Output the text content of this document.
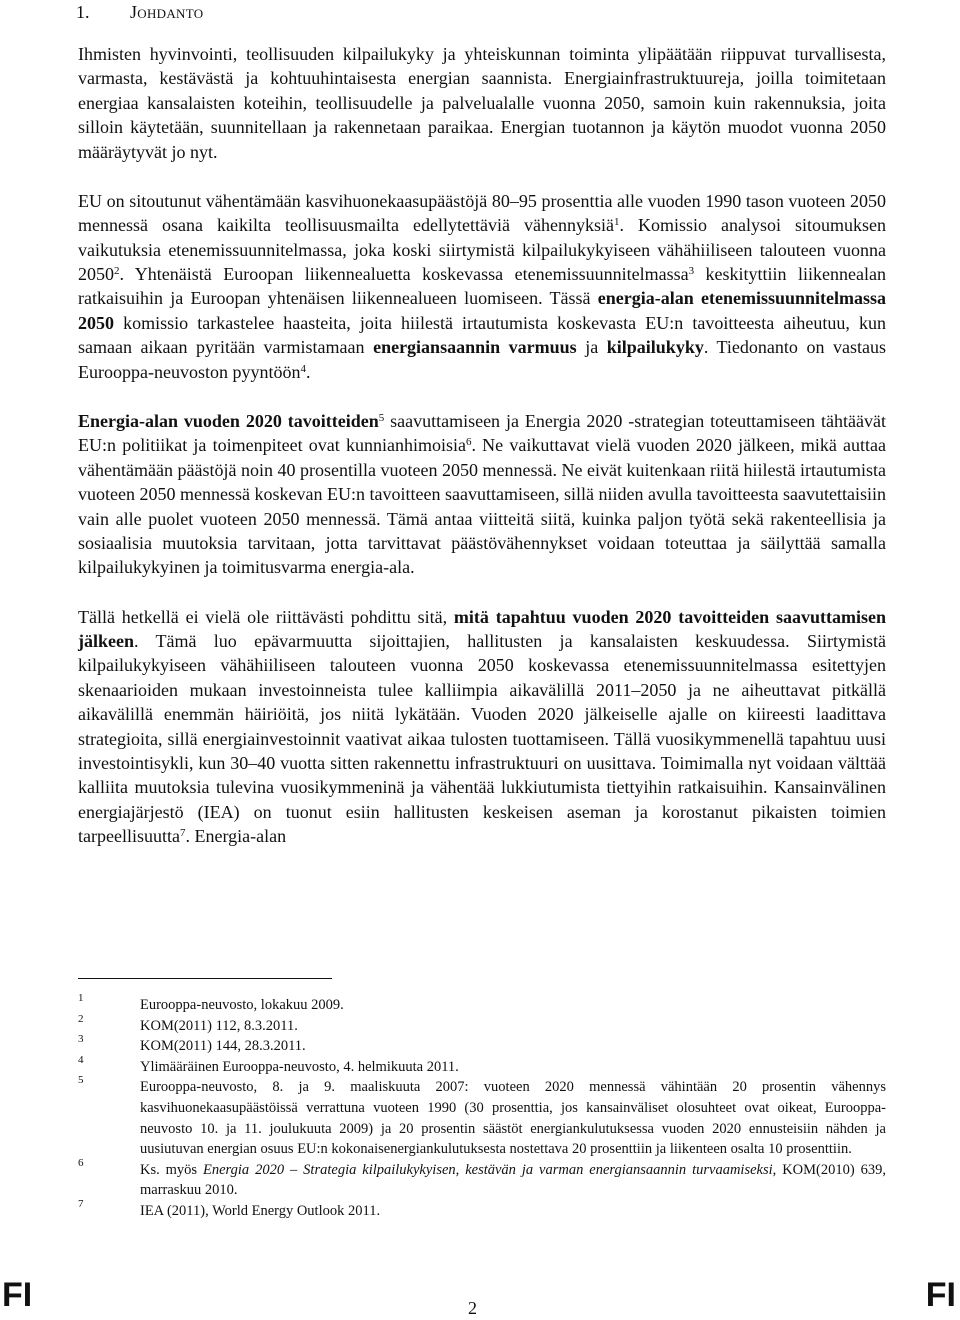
1. Johdanto

Ihmisten hyvinvointi, teollisuuden kilpailukyky ja yhteiskunnan toiminta ylipäätään riippuvat turvallisesta, varmasta, kestävästä ja kohtuuhintaisesta energian saannista. Energiainfrastruktuureja, joilla toimitetaan energiaa kansalaisten koteihin, teollisuudelle ja palvelualalle vuonna 2050, samoin kuin rakennuksia, joita silloin käytetään, suunnitellaan ja rakennetaan paraikaa. Energian tuotannon ja käytön muodot vuonna 2050 määräytyvät jo nyt.

EU on sitoutunut vähentämään kasvihuonekaasupäästöjä 80–95 prosenttia alle vuoden 1990 tason vuoteen 2050 mennessä osana kaikilta teollisuusmailta edellytettäviä vähennyksiä$^1$. Komissio analysoi sitoumuksen vaikutuksia etenemissuunnitelmassa, joka koski siirtymistä kilpailukykyiseen vähähiiliseen talouteen vuonna 2050$^2$. Yhtenäistä Euroopan liikennealuetta koskevassa etenemissuunnitelmassa$^3$ keskityttiin liikennealan ratkaisuihin ja Euroopan yhtenäisen liikennealueen luomiseen. Tässä energia-alan etenemissuunnitelmassa 2050 komissio tarkastelee haasteita, joita hiilestä irtautumista koskevasta EU:n tavoitteesta aiheutuu, kun samaan aikaan pyritään varmistamaan energiansaannin varmuus ja kilpailukyky. Tiedonanto on vastaus Eurooppa-neuvoston pyyntöön$^4$.

Energia-alan vuoden 2020 tavoitteiden$^5$ saavuttamiseen ja Energia 2020 -strategian toteuttamiseen tähtäävät EU:n politiikat ja toimenpiteet ovat kunnianhimoisia$^6$. Ne vaikuttavat vielä vuoden 2020 jälkeen, mikä auttaa vähentämään päästöjä noin 40 prosentilla vuoteen 2050 mennessä. Ne eivät kuitenkaan riitä hiilestä irtautumista vuoteen 2050 mennessä koskevan EU:n tavoitteen saavuttamiseen, sillä niiden avulla tavoitteesta saavutettaisiin vain alle puolet vuoteen 2050 mennessä. Tämä antaa viitteitä siitä, kuinka paljon työtä sekä rakenteellisia ja sosiaalisia muutoksia tarvitaan, jotta tarvittavat päästövähennykset voidaan toteuttaa ja säilyttää samalla kilpailukykyinen ja toimitusvarma energia-ala.

Tällä hetkellä ei vielä ole riittävästi pohdittu sitä, mitä tapahtuu vuoden 2020 tavoitteiden saavuttamisen jälkeen. Tämä luo epävarmuutta sijoittajien, hallitusten ja kansalaisten keskuudessa. Siirtymistä kilpailukykyiseen vähähiiliseen talouteen vuonna 2050 koskevassa etenemissuunnitelmassa esitettyjen skenaarioiden mukaan investoinneista tulee kalliimpia aikavälillä 2011–2050 ja ne aiheuttavat pitkällä aikavälillä enemmän häiriöitä, jos niitä lykätään. Vuoden 2020 jälkeiselle ajalle on kiireesti laadittava strategioita, sillä energiainvestoinnit vaativat aikaa tulosten tuottamiseen. Tällä vuosikymmenellä tapahtuu uusi investointisykli, kun 30–40 vuotta sitten rakennettu infrastruktuuri on uusittava. Toimimalla nyt voidaan välttää kalliita muutoksia tulevina vuosikymmeninä ja vähentää lukkiutumista tiettyihin ratkaisuihin. Kansainvälinen energiajärjestö (IEA) on tuonut esiin hallitusten keskeisen aseman ja korostanut pikaisten toimien tarpeellisuutta$^7$. Energia-alan

1	Eurooppa-neuvosto, lokakuu 2009.
2	KOM(2011) 112, 8.3.2011.
3	KOM(2011) 144, 28.3.2011.
4	Ylimääräinen Eurooppa-neuvosto, 4. helmikuuta 2011.
5	Eurooppa-neuvosto, 8. ja 9. maaliskuuta 2007: vuoteen 2020 mennessä vähintään 20 prosentin vähennys kasvihuonekaasupäästöissä verrattuna vuoteen 1990 (30 prosenttia, jos kansainväliset olosuhteet ovat oikeat, Eurooppa-neuvosto 10. ja 11. joulukuuta 2009) ja 20 prosentin säästöt energiankulutuksessa vuoden 2020 ennusteisiin nähden ja uusiutuvan energian osuus EU:n kokonaisenergiankulutuksesta nostettava 20 prosenttiin ja liikenteen osalta 10 prosenttiin.
6	Ks. myös Energia 2020 – Strategia kilpailukykyisen, kestävän ja varman energiansaannin turvaamiseksi, KOM(2010) 639, marraskuu 2010.
7	IEA (2011), World Energy Outlook 2011.
FI	2	FI
